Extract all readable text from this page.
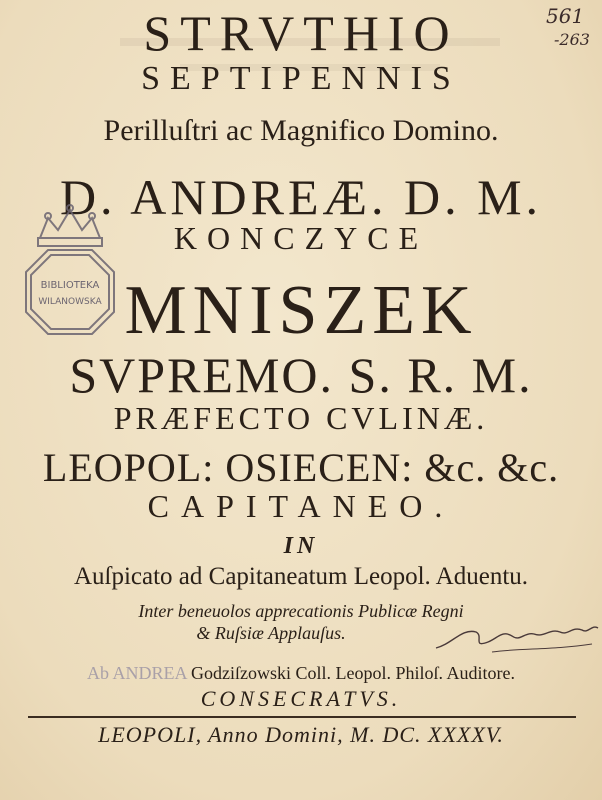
STRVTHIO
SEPTIPENNIS
Perilluſtri ac Magnifico Domino.
D. ANDREÆ. D. M.
KONCZYCE
MNISZEK
SVPREMO. S. R. M.
PRÆFECTO CVLINÆ.
LEOPOL: OSIECEN: &c. &c.
CAPITANEO.
IN
Auſpicato ad Capitaneatum Leopol. Aduentu.
Inter beneuolos apprecationis Publicæ Regni
& Ruſsiæ Applauſus.
Ab ANDREA Godziſzowski Coll. Leopol. Philoſ. Auditore.
CONSECRATVS.
LEOPOLI, Anno Domini, M. DC. XXXXV.
BIBLIOTEKA
WILANOWSKA
561
-263
